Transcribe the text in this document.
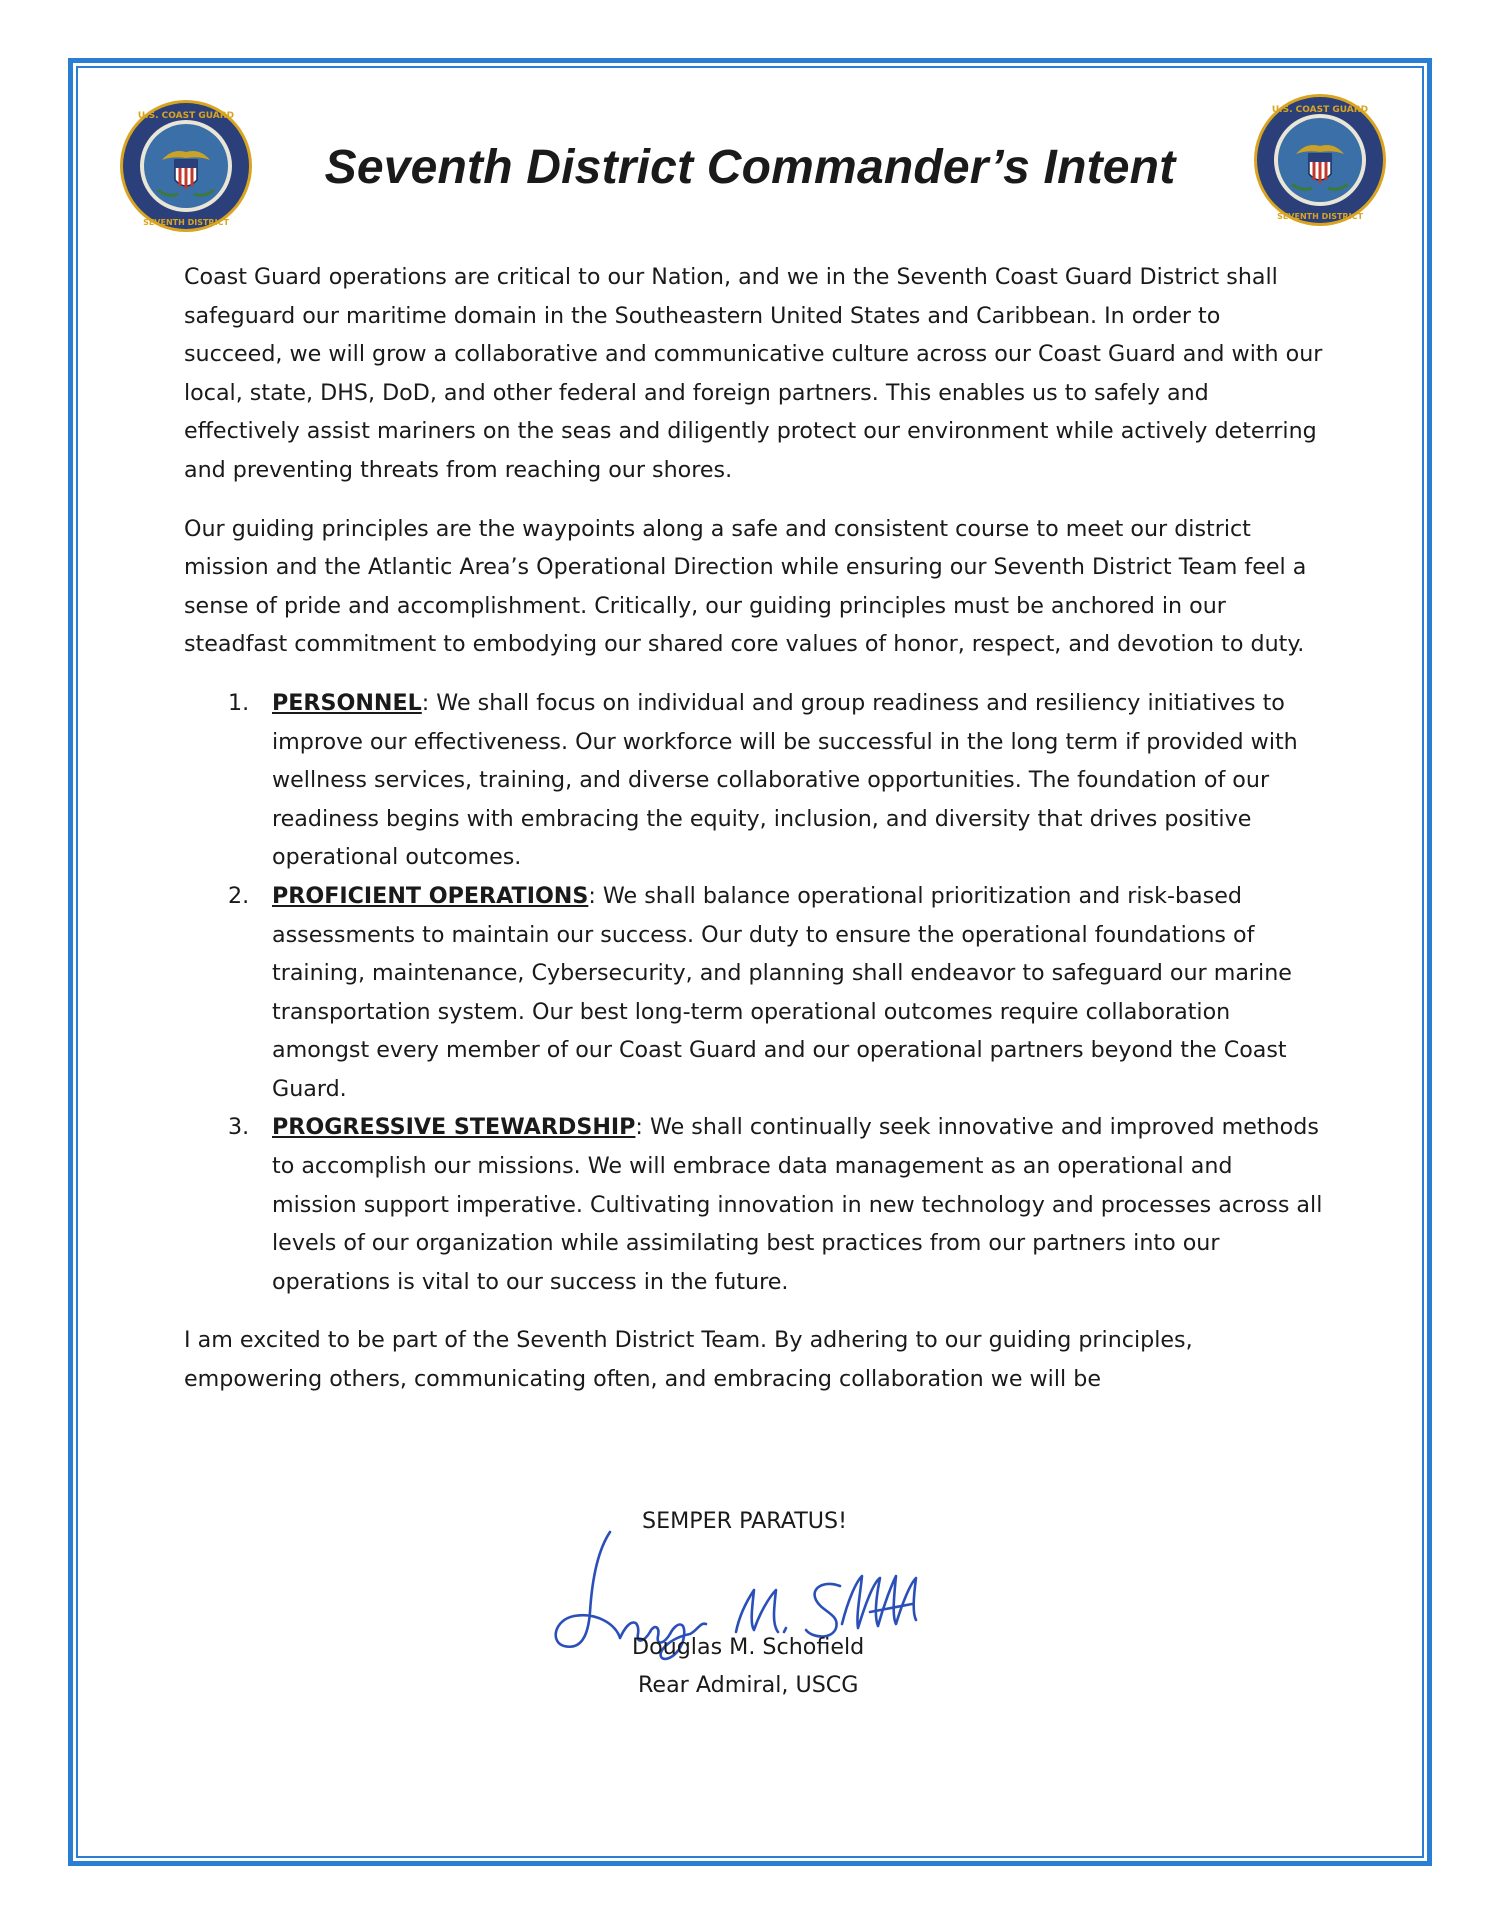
U.S. COAST GUARD
SEVENTH DISTRICT
Seventh District Commander’s Intent
U.S. COAST GUARD
SEVENTH DISTRICT

Coast Guard operations are critical to our Nation, and we in the Seventh Coast Guard District shall safeguard our maritime domain in the Southeastern United States and Caribbean. In order to succeed, we will grow a collaborative and communicative culture across our Coast Guard and with our local, state, DHS, DoD, and other federal and foreign partners. This enables us to safely and effectively assist mariners on the seas and diligently protect our environment while actively deterring and preventing threats from reaching our shores.

Our guiding principles are the waypoints along a safe and consistent course to meet our district mission and the Atlantic Area’s Operational Direction while ensuring our Seventh District Team feel a sense of pride and accomplishment. Critically, our guiding principles must be anchored in our steadfast commitment to embodying our shared core values of honor, respect, and devotion to duty.

1. PERSONNEL: We shall focus on individual and group readiness and resiliency initiatives to improve our effectiveness. Our workforce will be successful in the long term if provided with wellness services, training, and diverse collaborative opportunities. The foundation of our readiness begins with embracing the equity, inclusion, and diversity that drives positive operational outcomes.
2. PROFICIENT OPERATIONS: We shall balance operational prioritization and risk-based assessments to maintain our success. Our duty to ensure the operational foundations of training, maintenance, Cybersecurity, and planning shall endeavor to safeguard our marine transportation system. Our best long-term operational outcomes require collaboration amongst every member of our Coast Guard and our operational partners beyond the Coast Guard.
3. PROGRESSIVE STEWARDSHIP: We shall continually seek innovative and improved methods to accomplish our missions. We will embrace data management as an operational and mission support imperative. Cultivating innovation in new technology and processes across all levels of our organization while assimilating best practices from our partners into our operations is vital to our success in the future.

I am excited to be part of the Seventh District Team. By adhering to our guiding principles, empowering others, communicating often, and embracing collaboration we will be

SEMPER PARATUS!

Douglas M. Schofield

Rear Admiral, USCG
